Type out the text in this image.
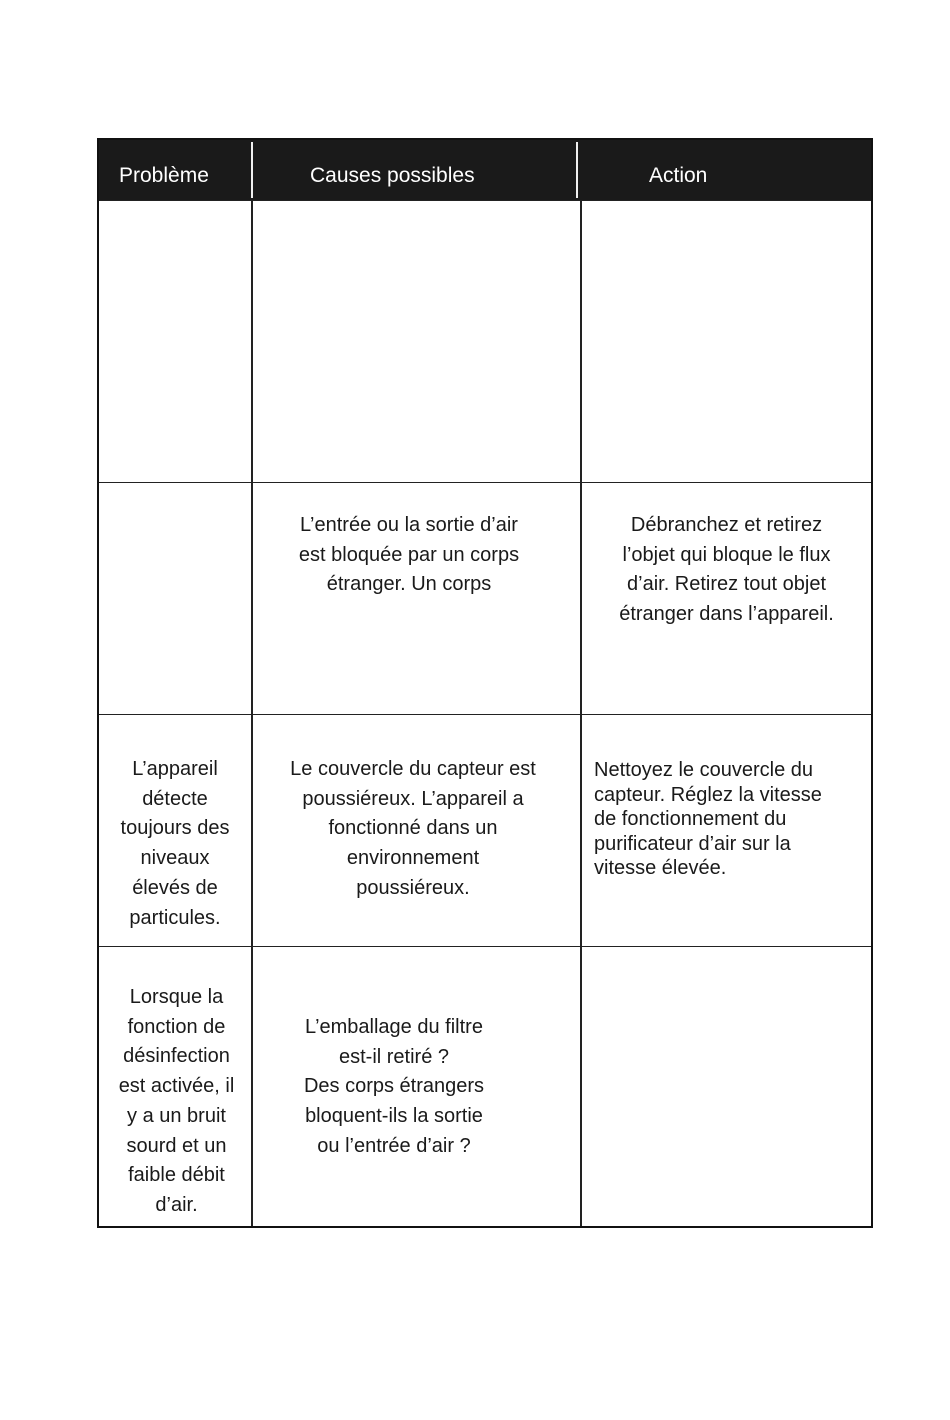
Problème	Causes possibles	Action
L’entrée ou la sortie d’air
est bloquée par un corps
étranger. Un corps
Débranchez et retirez
l’objet qui bloque le flux
d’air. Retirez tout objet
étranger dans l’appareil.
L’appareil
détecte
toujours des
niveaux
élevés de
particules.
Le couvercle du capteur est
poussiéreux. L’appareil a
fonctionné dans un
environnement
poussiéreux.
Nettoyez le couvercle du
capteur. Réglez la vitesse
de fonctionnement du
purificateur d’air sur la
vitesse élevée.
Lorsque la
fonction de
désinfection
est activée, il
y a un bruit
sourd et un
faible débit
d’air.
L’emballage du filtre
est-il retiré ?
Des corps étrangers
bloquent-ils la sortie
ou l’entrée d’air ?
